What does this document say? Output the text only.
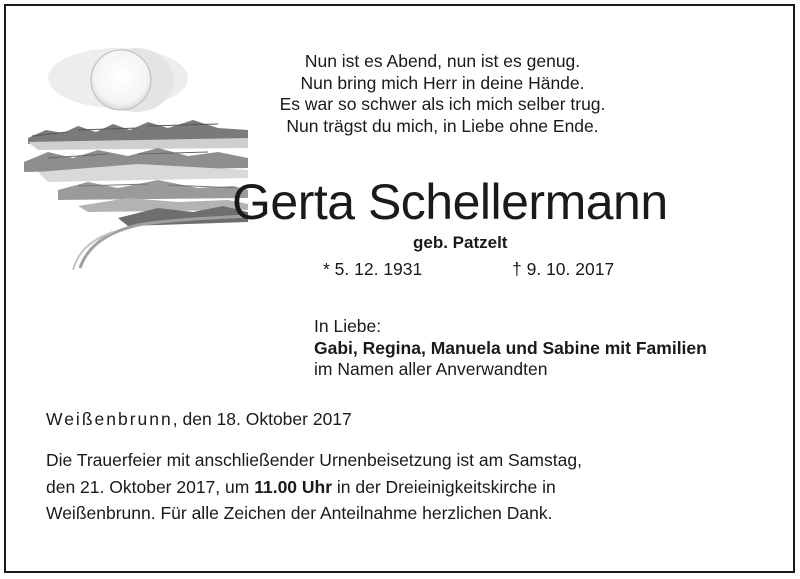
Nun ist es Abend, nun ist es genug.
Nun bring mich Herr in deine Hände.
Es war so schwer als ich mich selber trug.
Nun trägst du mich, in Liebe ohne Ende.
Gerta Schellermann
geb. Patzelt
* 5. 12. 1931	† 9. 10. 2017
In Liebe:
Gabi, Regina, Manuela und Sabine mit Familien
im Namen aller Anverwandten
Weißenbrunn, den 18. Oktober 2017
Die Trauerfeier mit anschließender Urnenbeisetzung ist am Samstag,
den 21. Oktober 2017, um 11.00 Uhr in der Dreieinigkeitskirche in
Weißenbrunn. Für alle Zeichen der Anteilnahme herzlichen Dank.
